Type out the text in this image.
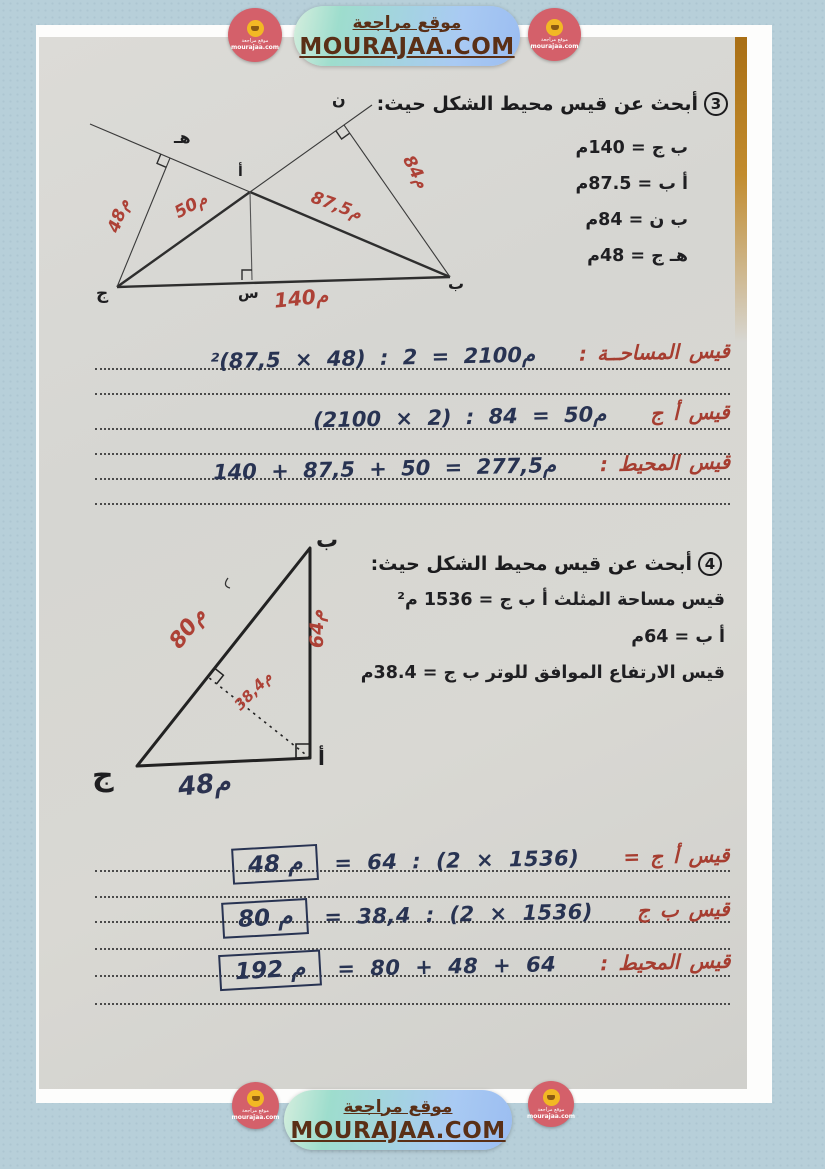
3
أبحث عن قيس محيط الشكل حيث:
ب ج = 140م
أ ب = 87.5م
ب ن = 84م
هـ ج = 48م
ن
هـ
أ
ج	س	ب
م48 م50	م87,5
م84
م140
²م2100 = 2 : (48 × 87,5) قيس المساحــة :
م50 = 84 : (2 × 2100) قيس أ ج
م277,5 = 50 + 87,5 + 140 قيس المحيط :
4
أبحث عن قيس محيط الشكل حيث:
قيس مساحة المثلث أ ب ج = 1536 م²
أ ب = 64م
قيس الارتفاع الموافق للوتر ب ج = 38.4م
ب
أ
ج
م64
م80
م38,4
م48
م 48	= 64 : (2 × 1536) قيس أ ج =
م 80	= 38,4 : (2 × 1536) قيس ب ج
م 192	= 80 + 48 + 64 قيس المحيط :
موقع مراجعة
MOURAJAA.COM
موقع مراجعة
mourajaa.com
موقع مراجعة
mourajaa.com
موقع مراجعة
MOURAJAA.COM
موقع مراجعة
mourajaa.com
موقع مراجعة
mourajaa.com
